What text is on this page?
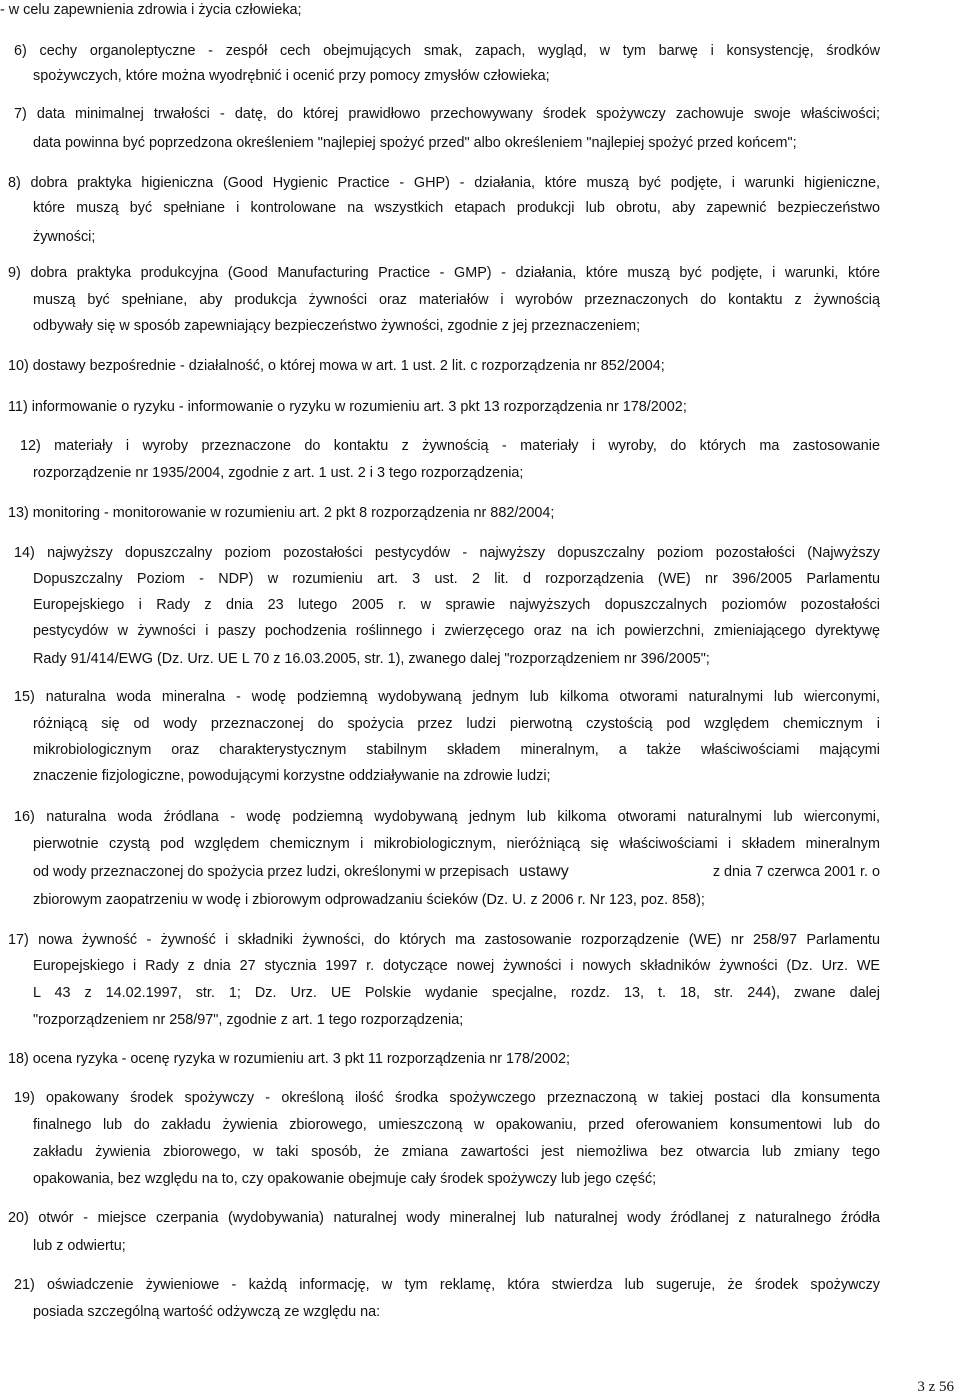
- w celu zapewnienia zdrowia i życia człowieka;
6) cechy organoleptyczne - zespół cech obejmujących smak, zapach, wygląd, w tym barwę i konsystencję, środków
spożywczych, które można wyodrębnić i ocenić przy pomocy zmysłów człowieka;
7) data minimalnej trwałości - datę, do której prawidłowo przechowywany środek spożywczy zachowuje swoje właściwości;
data powinna być poprzedzona określeniem "najlepiej spożyć przed" albo określeniem "najlepiej spożyć przed końcem";
8) dobra praktyka higieniczna (Good Hygienic Practice - GHP) - działania, które muszą być podjęte, i warunki higieniczne,
które muszą być spełniane i kontrolowane na wszystkich etapach produkcji lub obrotu, aby zapewnić bezpieczeństwo
żywności;
9) dobra praktyka produkcyjna (Good Manufacturing Practice - GMP) - działania, które muszą być podjęte, i warunki, które
muszą być spełniane, aby produkcja żywności oraz materiałów i wyrobów przeznaczonych do kontaktu z żywnością
odbywały się w sposób zapewniający bezpieczeństwo żywności, zgodnie z jej przeznaczeniem;
10) dostawy bezpośrednie - działalność, o której mowa w art. 1 ust. 2 lit. c rozporządzenia nr 852/2004;
11) informowanie o ryzyku - informowanie o ryzyku w rozumieniu art. 3 pkt 13 rozporządzenia nr 178/2002;
12) materiały i wyroby przeznaczone do kontaktu z żywnością - materiały i wyroby, do których ma zastosowanie
rozporządzenie nr 1935/2004, zgodnie z art. 1 ust. 2 i 3 tego rozporządzenia;
13) monitoring - monitorowanie w rozumieniu art. 2 pkt 8 rozporządzenia nr 882/2004;
14) najwyższy dopuszczalny poziom pozostałości pestycydów - najwyższy dopuszczalny poziom pozostałości (Najwyższy
Dopuszczalny Poziom - NDP) w rozumieniu art. 3 ust. 2 lit. d rozporządzenia (WE) nr 396/2005 Parlamentu
Europejskiego i Rady z dnia 23 lutego 2005 r. w sprawie najwyższych dopuszczalnych poziomów pozostałości
pestycydów w żywności i paszy pochodzenia roślinnego i zwierzęcego oraz na ich powierzchni, zmieniającego dyrektywę
Rady 91/414/EWG (Dz. Urz. UE L 70 z 16.03.2005, str. 1), zwanego dalej "rozporządzeniem nr 396/2005";
15) naturalna woda mineralna - wodę podziemną wydobywaną jednym lub kilkoma otworami naturalnymi lub wierconymi,
różniącą się od wody przeznaczonej do spożycia przez ludzi pierwotną czystością pod względem chemicznym i
mikrobiologicznym oraz charakterystycznym stabilnym składem mineralnym, a także właściwościami mającymi
znaczenie fizjologiczne, powodującymi korzystne oddziaływanie na zdrowie ludzi;
16) naturalna woda źródlana - wodę podziemną wydobywaną jednym lub kilkoma otworami naturalnymi lub wierconymi,
pierwotnie czystą pod względem chemicznym i mikrobiologicznym, nieróżniącą się właściwościami i składem mineralnym
od wody przeznaczonej do spożycia przez ludzi, określonymi w przepisach ustawy	z dnia 7 czerwca 2001 r. o
zbiorowym zaopatrzeniu w wodę i zbiorowym odprowadzaniu ścieków (Dz. U. z 2006 r. Nr 123, poz. 858);
17) nowa żywność - żywność i składniki żywności, do których ma zastosowanie rozporządzenie (WE) nr 258/97 Parlamentu
Europejskiego i Rady z dnia 27 stycznia 1997 r. dotyczące nowej żywności i nowych składników żywności (Dz. Urz. WE
L 43 z 14.02.1997, str. 1; Dz. Urz. UE Polskie wydanie specjalne, rozdz. 13, t. 18, str. 244), zwane dalej
"rozporządzeniem nr 258/97", zgodnie z art. 1 tego rozporządzenia;
18) ocena ryzyka - ocenę ryzyka w rozumieniu art. 3 pkt 11 rozporządzenia nr 178/2002;
19) opakowany środek spożywczy - określoną ilość środka spożywczego przeznaczoną w takiej postaci dla konsumenta
finalnego lub do zakładu żywienia zbiorowego, umieszczoną w opakowaniu, przed oferowaniem konsumentowi lub do
zakładu żywienia zbiorowego, w taki sposób, że zmiana zawartości jest niemożliwa bez otwarcia lub zmiany tego
opakowania, bez względu na to, czy opakowanie obejmuje cały środek spożywczy lub jego część;
20) otwór - miejsce czerpania (wydobywania) naturalnej wody mineralnej lub naturalnej wody źródlanej z naturalnego źródła
lub z odwiertu;
21) oświadczenie żywieniowe - każdą informację, w tym reklamę, która stwierdza lub sugeruje, że środek spożywczy
posiada szczególną wartość odżywczą ze względu na:
3 z 56
